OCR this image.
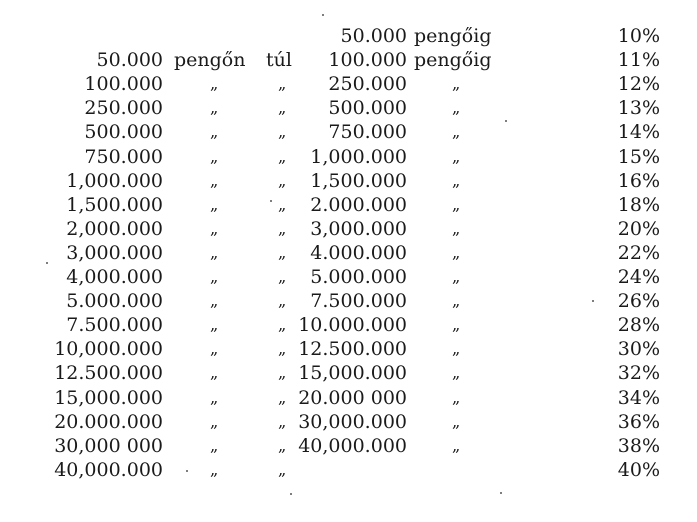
50.000 pengőig	10%
50.000 pengőn túl 100.000 pengőig	11%
100.000	„	„ 250.000	„	12%
250.000	„	„ 500.000	„	13%
500.000	„	„ 750.000	„	14%
750.000	„	„ 1,000.000	„	15%
1,000.000	„	„ 1,500.000	„	16%
1,500.000	„	„ 2.000.000	„	18%
2,000.000	„	„ 3,000.000	„	20%
3,000.000	„	„ 4.000.000	„	22%
4,000.000	„	„ 5.000.000	„	24%
5.000.000	„	„ 7.500.000	„	26%
7.500.000	„	„ 10.000.000	„	28%
10,000.000	„	„ 12.500.000	„	30%
12.500.000	„	„ 15,000.000	„	32%
15,000.000	„	„ 20.000 000	„	34%
20.000.000	„	„ 30,000.000	„	36%
30,000 000	„	„ 40,000.000	„	38%
40,000.000	„	„	40%
